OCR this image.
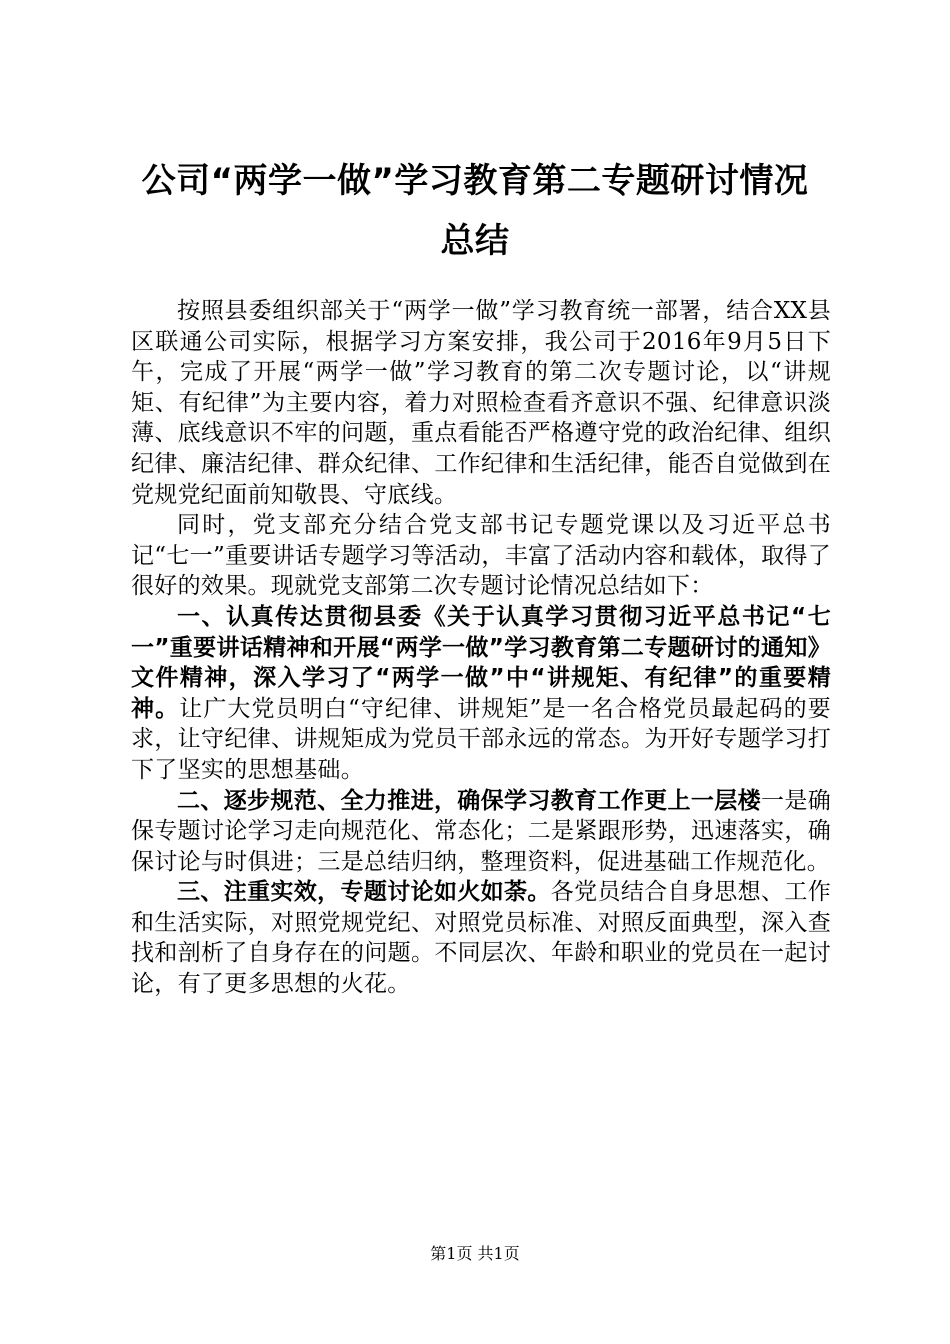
公司“两学一做”学习教育第二专题研讨情况
总结

按照县委组织部关于“两学一做”学习教育统一部署，结合XX县区联通公司实际，根据学习方案安排，我公司于2016年9月5日下午，完成了开展“两学一做”学习教育的第二次专题讨论，以“讲规矩、有纪律”为主要内容，着力对照检查看齐意识不强、纪律意识淡薄、底线意识不牢的问题，重点看能否严格遵守党的政治纪律、组织纪律、廉洁纪律、群众纪律、工作纪律和生活纪律，能否自觉做到在党规党纪面前知敬畏、守底线。

同时，党支部充分结合党支部书记专题党课以及习近平总书记“七一”重要讲话专题学习等活动，丰富了活动内容和载体，取得了很好的效果。现就党支部第二次专题讨论情况总结如下：

一、认真传达贯彻县委《关于认真学习贯彻习近平总书记“七一”重要讲话精神和开展“两学一做”学习教育第二专题研讨的通知》文件精神，深入学习了“两学一做”中“讲规矩、有纪律”的重要精神。让广大党员明白“守纪律、讲规矩”是一名合格党员最起码的要求，让守纪律、讲规矩成为党员干部永远的常态。为开好专题学习打下了坚实的思想基础。

二、逐步规范、全力推进，确保学习教育工作更上一层楼一是确保专题讨论学习走向规范化、常态化；二是紧跟形势，迅速落实，确保讨论与时俱进；三是总结归纳，整理资料，促进基础工作规范化。

三、注重实效，专题讨论如火如荼。各党员结合自身思想、工作和生活实际，对照党规党纪、对照党员标准、对照反面典型，深入查找和剖析了自身存在的问题。不同层次、年龄和职业的党员在一起讨论，有了更多思想的火花。

第1页 共1页
